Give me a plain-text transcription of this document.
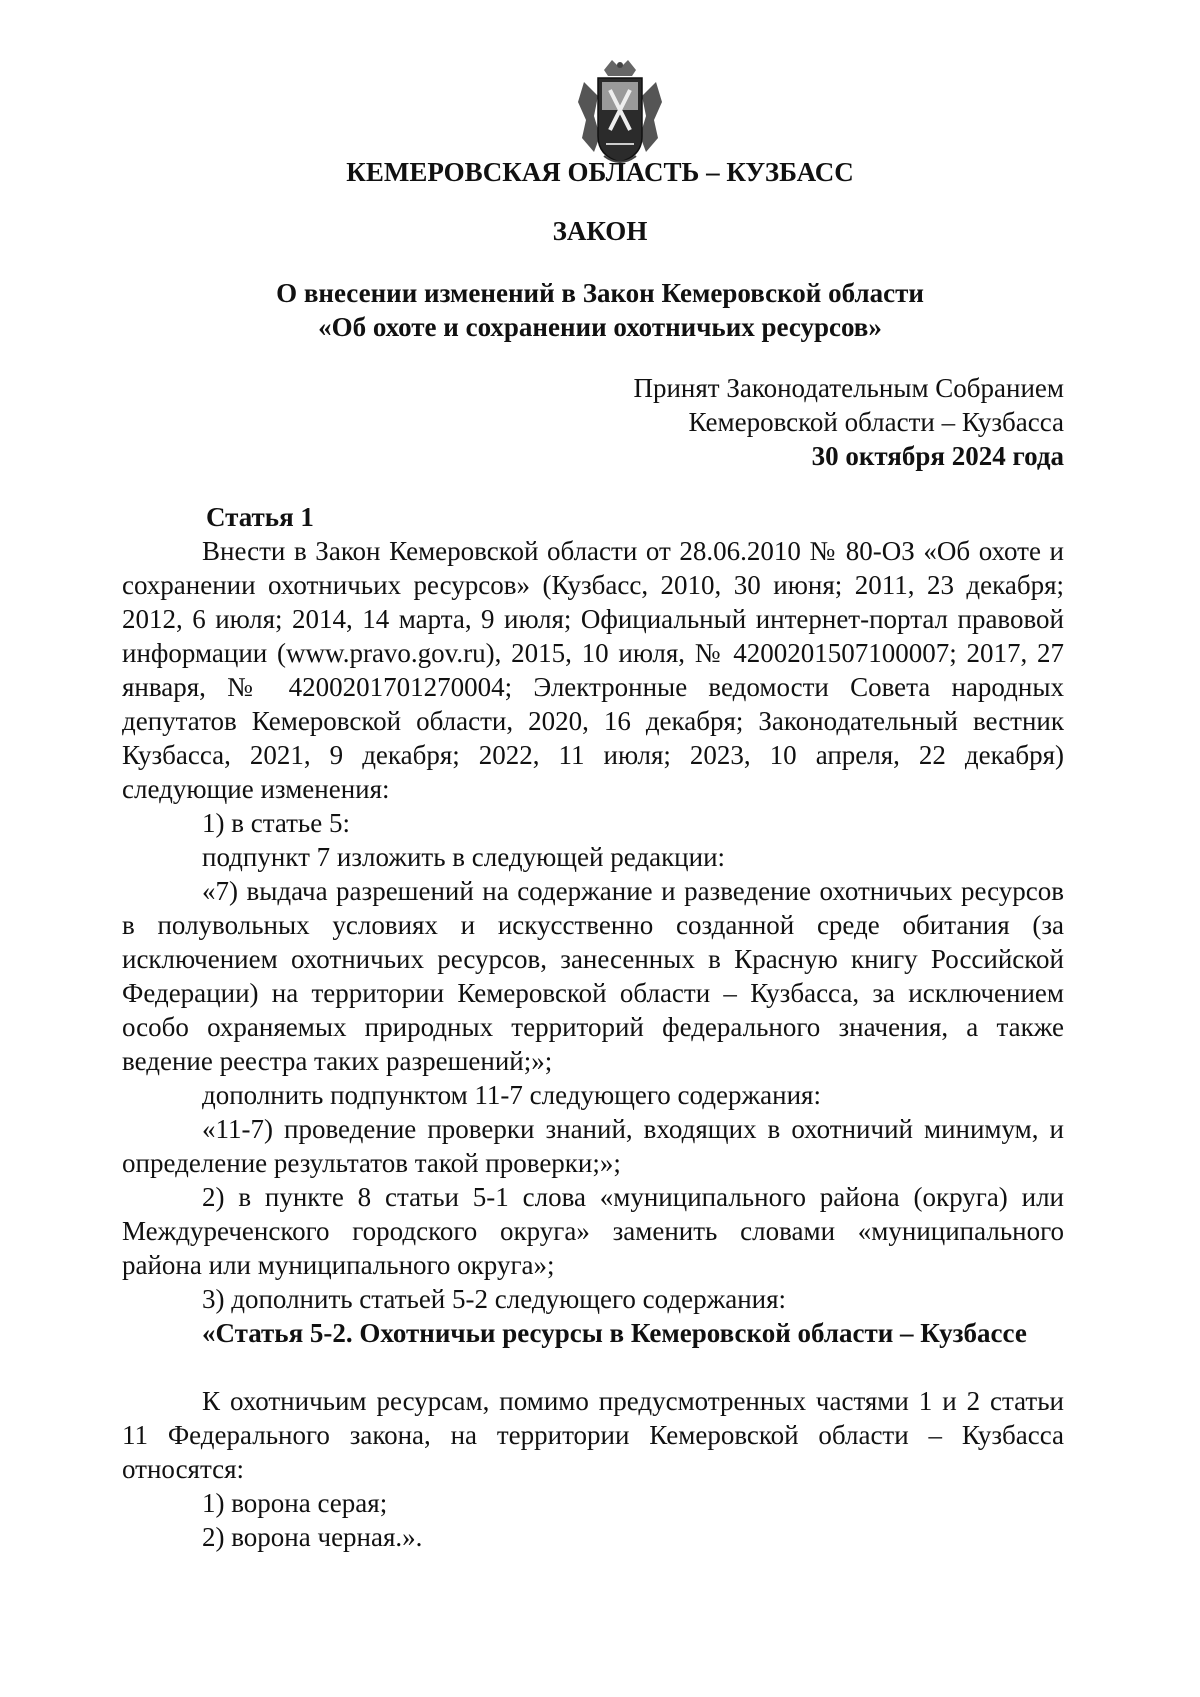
КЕМЕРОВСКАЯ ОБЛАСТЬ – КУЗБАСС
ЗАКОН
О внесении изменений в Закон Кемеровской области
«Об охоте и сохранении охотничьих ресурсов»
Принят Законодательным Собранием
Кемеровской области – Кузбасса
30 октября 2024 года

Статья 1

Внести в Закон Кемеровской области от 28.06.2010 № 80-ОЗ «Об охоте и сохранении охотничьих ресурсов» (Кузбасс, 2010, 30 июня; 2011, 23 декабря; 2012, 6 июля; 2014, 14 марта, 9 июля; Официальный интернет-портал правовой информации (www.pravo.gov.ru), 2015, 10 июля, № 4200201507100007; 2017, 27 января, № 4200201701270004; Электронные ведомости Совета народных депутатов Кемеровской области, 2020, 16 декабря; Законодательный вестник Кузбасса, 2021, 9 декабря; 2022, 11 июля; 2023, 10 апреля, 22 декабря) следующие изменения:

1) в статье 5:

подпункт 7 изложить в следующей редакции:

«7) выдача разрешений на содержание и разведение охотничьих ресурсов в полувольных условиях и искусственно созданной среде обитания (за исключением охотничьих ресурсов, занесенных в Красную книгу Российской Федерации) на территории Кемеровской области – Кузбасса, за исключением особо охраняемых природных территорий федерального значения, а также ведение реестра таких разрешений;»;

дополнить подпунктом 11-7 следующего содержания:

«11-7) проведение проверки знаний, входящих в охотничий минимум, и определение результатов такой проверки;»;

2) в пункте 8 статьи 5-1 слова «муниципального района (округа) или Междуреченского городского округа» заменить словами «муниципального района или муниципального округа»;

3) дополнить статьей 5-2 следующего содержания:

«Статья 5-2. Охотничьи ресурсы в Кемеровской области – Кузбассе

К охотничьим ресурсам, помимо предусмотренных частями 1 и 2 статьи 11 Федерального закона, на территории Кемеровской области – Кузбасса относятся:

1) ворона серая;

2) ворона черная.».
